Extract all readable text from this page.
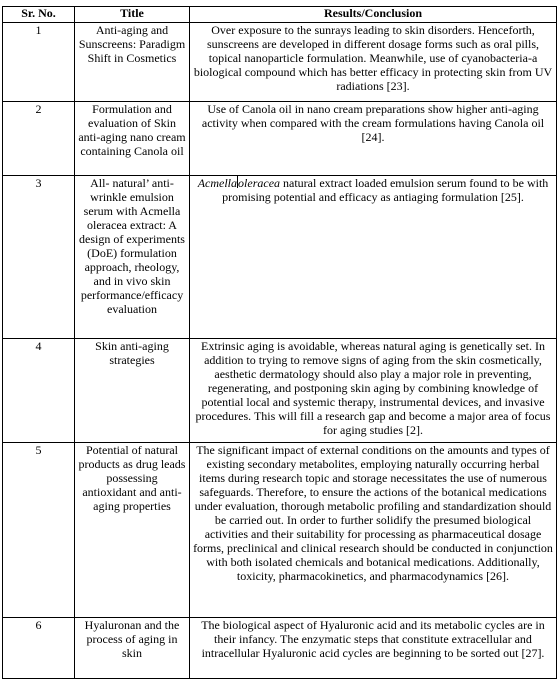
Sr. No.	Title	Results/Conclusion
1	Anti-aging and Sunscreens: Paradigm Shift in Cosmetics	Over exposure to the sunrays leading to skin disorders. Henceforth, sunscreens are developed in different dosage forms such as oral pills, topical nanoparticle formulation. Meanwhile, use of cyanobacteria-a biological compound which has better efficacy in protecting skin from UV radiations [23].
2	Formulation and evaluation of Skin anti-aging nano cream containing Canola oil	Use of Canola oil in nano cream preparations show higher anti-aging activity when compared with the cream formulations having Canola oil [24].
3	All- natural’ anti-wrinkle emulsion serum with Acmella oleracea extract: A design of experiments (DoE) formulation approach, rheology, and in vivo skin performance/efficacy evaluation	Acmellaoleracea natural extract loaded emulsion serum found to be with promising potential and efficacy as antiaging formulation [25].
4	Skin anti-aging strategies	Extrinsic aging is avoidable, whereas natural aging is genetically set. In addition to trying to remove signs of aging from the skin cosmetically, aesthetic dermatology should also play a major role in preventing, regenerating, and postponing skin aging by combining knowledge of potential local and systemic therapy, instrumental devices, and invasive procedures. This will fill a research gap and become a major area of focus for aging studies [2].
5	Potential of natural products as drug leads possessing antioxidant and anti-aging properties	The significant impact of external conditions on the amounts and types of existing secondary metabolites, employing naturally occurring herbal items during research topic and storage necessitates the use of numerous safeguards. Therefore, to ensure the actions of the botanical medications under evaluation, thorough metabolic profiling and standardization should be carried out. In order to further solidify the presumed biological activities and their suitability for processing as pharmaceutical dosage forms, preclinical and clinical research should be conducted in conjunction with both isolated chemicals and botanical medications. Additionally, toxicity, pharmacokinetics, and pharmacodynamics [26].
6	Hyaluronan and the process of aging in skin	The biological aspect of Hyaluronic acid and its metabolic cycles are in their infancy. The enzymatic steps that constitute extracellular and intracellular Hyaluronic acid cycles are beginning to be sorted out [27].
